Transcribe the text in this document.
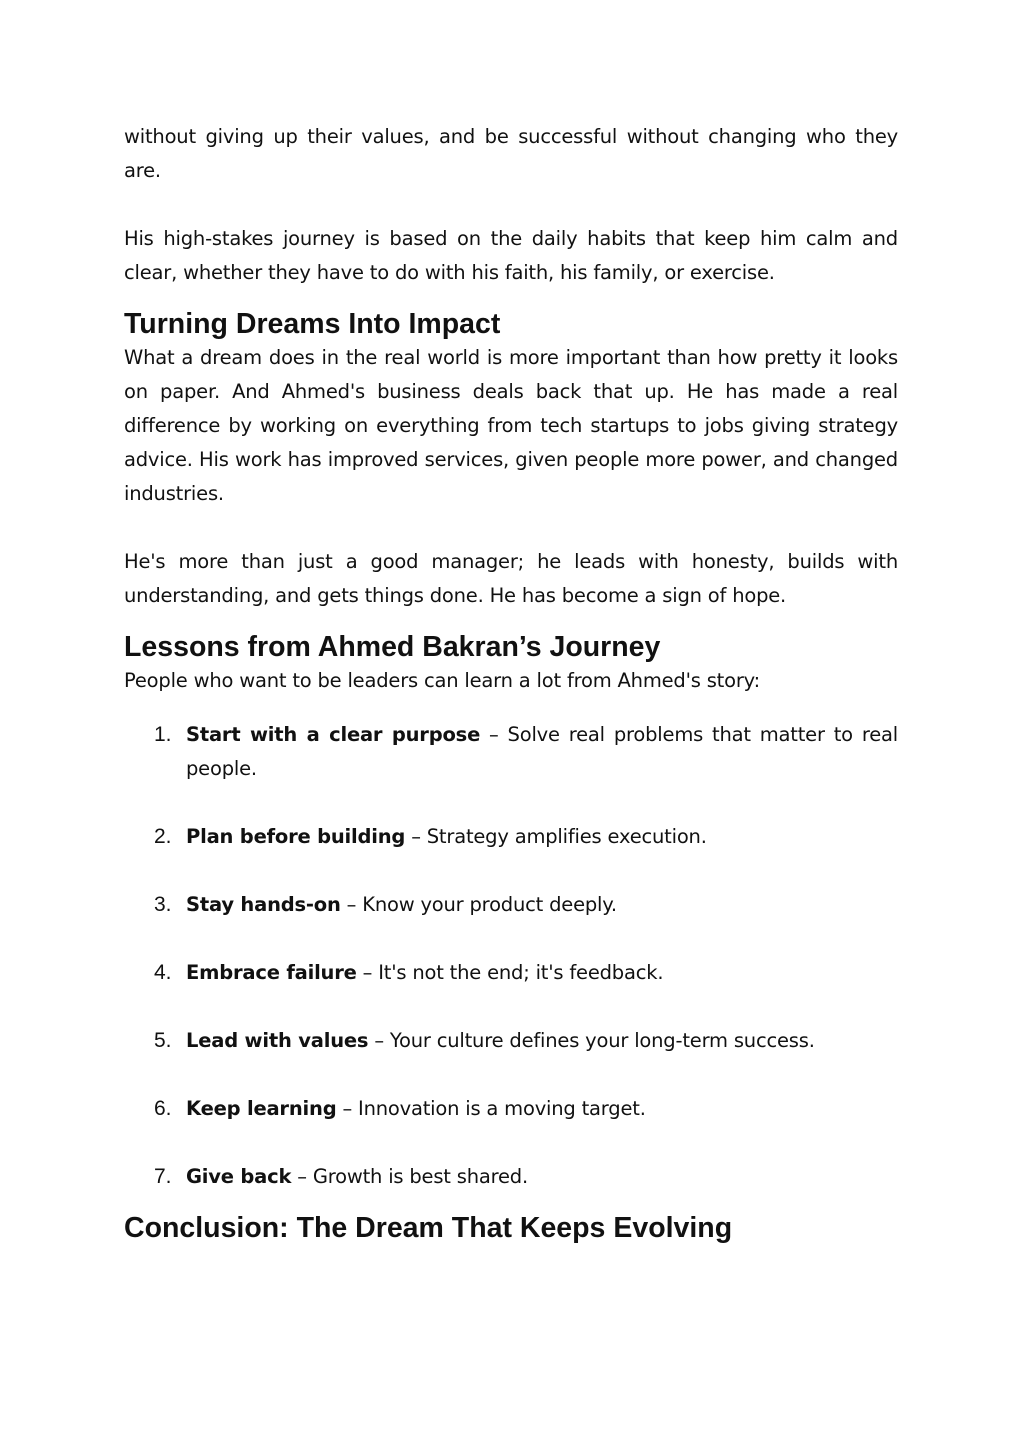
without giving up their values, and be successful without changing who they are.

His high-stakes journey is based on the daily habits that keep him calm and clear, whether they have to do with his faith, his family, or exercise.

Turning Dreams Into Impact

What a dream does in the real world is more important than how pretty it looks on paper. And Ahmed's business deals back that up. He has made a real difference by working on everything from tech startups to jobs giving strategy advice. His work has improved services, given people more power, and changed industries.

He's more than just a good manager; he leads with honesty, builds with understanding, and gets things done. He has become a sign of hope.

Lessons from Ahmed Bakran’s Journey

People who want to be leaders can learn a lot from Ahmed's story:

1. Start with a clear purpose – Solve real problems that matter to real people.
2. Plan before building – Strategy amplifies execution.
3. Stay hands-on – Know your product deeply.
4. Embrace failure – It's not the end; it's feedback.
5. Lead with values – Your culture defines your long-term success.
6. Keep learning – Innovation is a moving target.
7. Give back – Growth is best shared.
Conclusion: The Dream That Keeps Evolving
